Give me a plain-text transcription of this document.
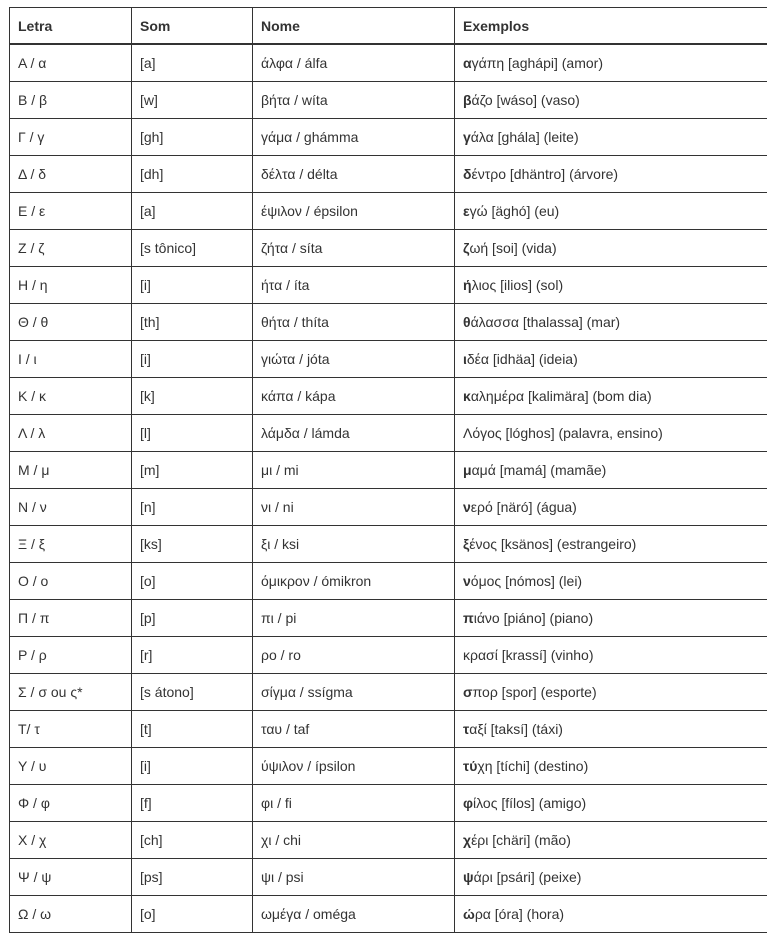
Letra	Som	Nome	Exemplos
Α / α	[a]	άλφα / álfa	αγάπη [aghápi] (amor)
Β / β	[w]	βήτα / wíta	βάζο [wáso] (vaso)
Γ / γ	[gh]	γάμα / ghámma	γάλα [ghála] (leite)
Δ / δ	[dh]	δέλτα / délta	δέντρο [dhäntro] (árvore)
Ε / ε	[a]	έψιλον / épsilon	εγώ [äghó] (eu)
Ζ / ζ	[s tônico]	ζήτα / síta	ζωή [soi] (vida)
Η / η	[i]	ήτα / íta	ήλιος [ilios] (sol)
Θ / θ	[th]	θήτα / thíta	θάλασσα [thalassa] (mar)
Ι / ι	[i]	γιώτα / jóta	ιδέα [idhäa] (ideia)
Κ / κ	[k]	κάπα / kápa	καλημέρα [kalimära] (bom dia)
Λ / λ	[l]	λάμδα / lámda	Λόγος [lóghos] (palavra, ensino)
Μ / μ	[m]	μι / mi	μαμά [mamá] (mamãe)
Ν / ν	[n]	νι / ni	νερό [näró] (água)
Ξ / ξ	[ks]	ξι / ksi	ξένος [ksänos] (estrangeiro)
Ο / ο	[o]	όμικρον / ómikron	νόμος [nómos] (lei)
Π / π	[p]	πι / pi	πιάνο [piáno] (piano)
Ρ / ρ	[r]	ρο / ro	κρασί [krassí] (vinho)
Σ / σ ou ς*	[s átono]	σίγμα / ssígma	σπορ [spor] (esporte)
Τ/ τ	[t]	ταυ / taf	ταξί [taksí] (táxi)
Υ / υ	[i]	ύψιλον / ípsilon	τύχη [tíchi] (destino)
Φ / φ	[f]	φι / fi	φίλος [fílos] (amigo)
Χ / χ	[ch]	χι / chi	χέρι [chäri] (mão)
Ψ / ψ	[ps]	ψι / psi	ψάρι [psári] (peixe)
Ω / ω	[o]	ωμέγα / oméga	ώρα [óra] (hora)
